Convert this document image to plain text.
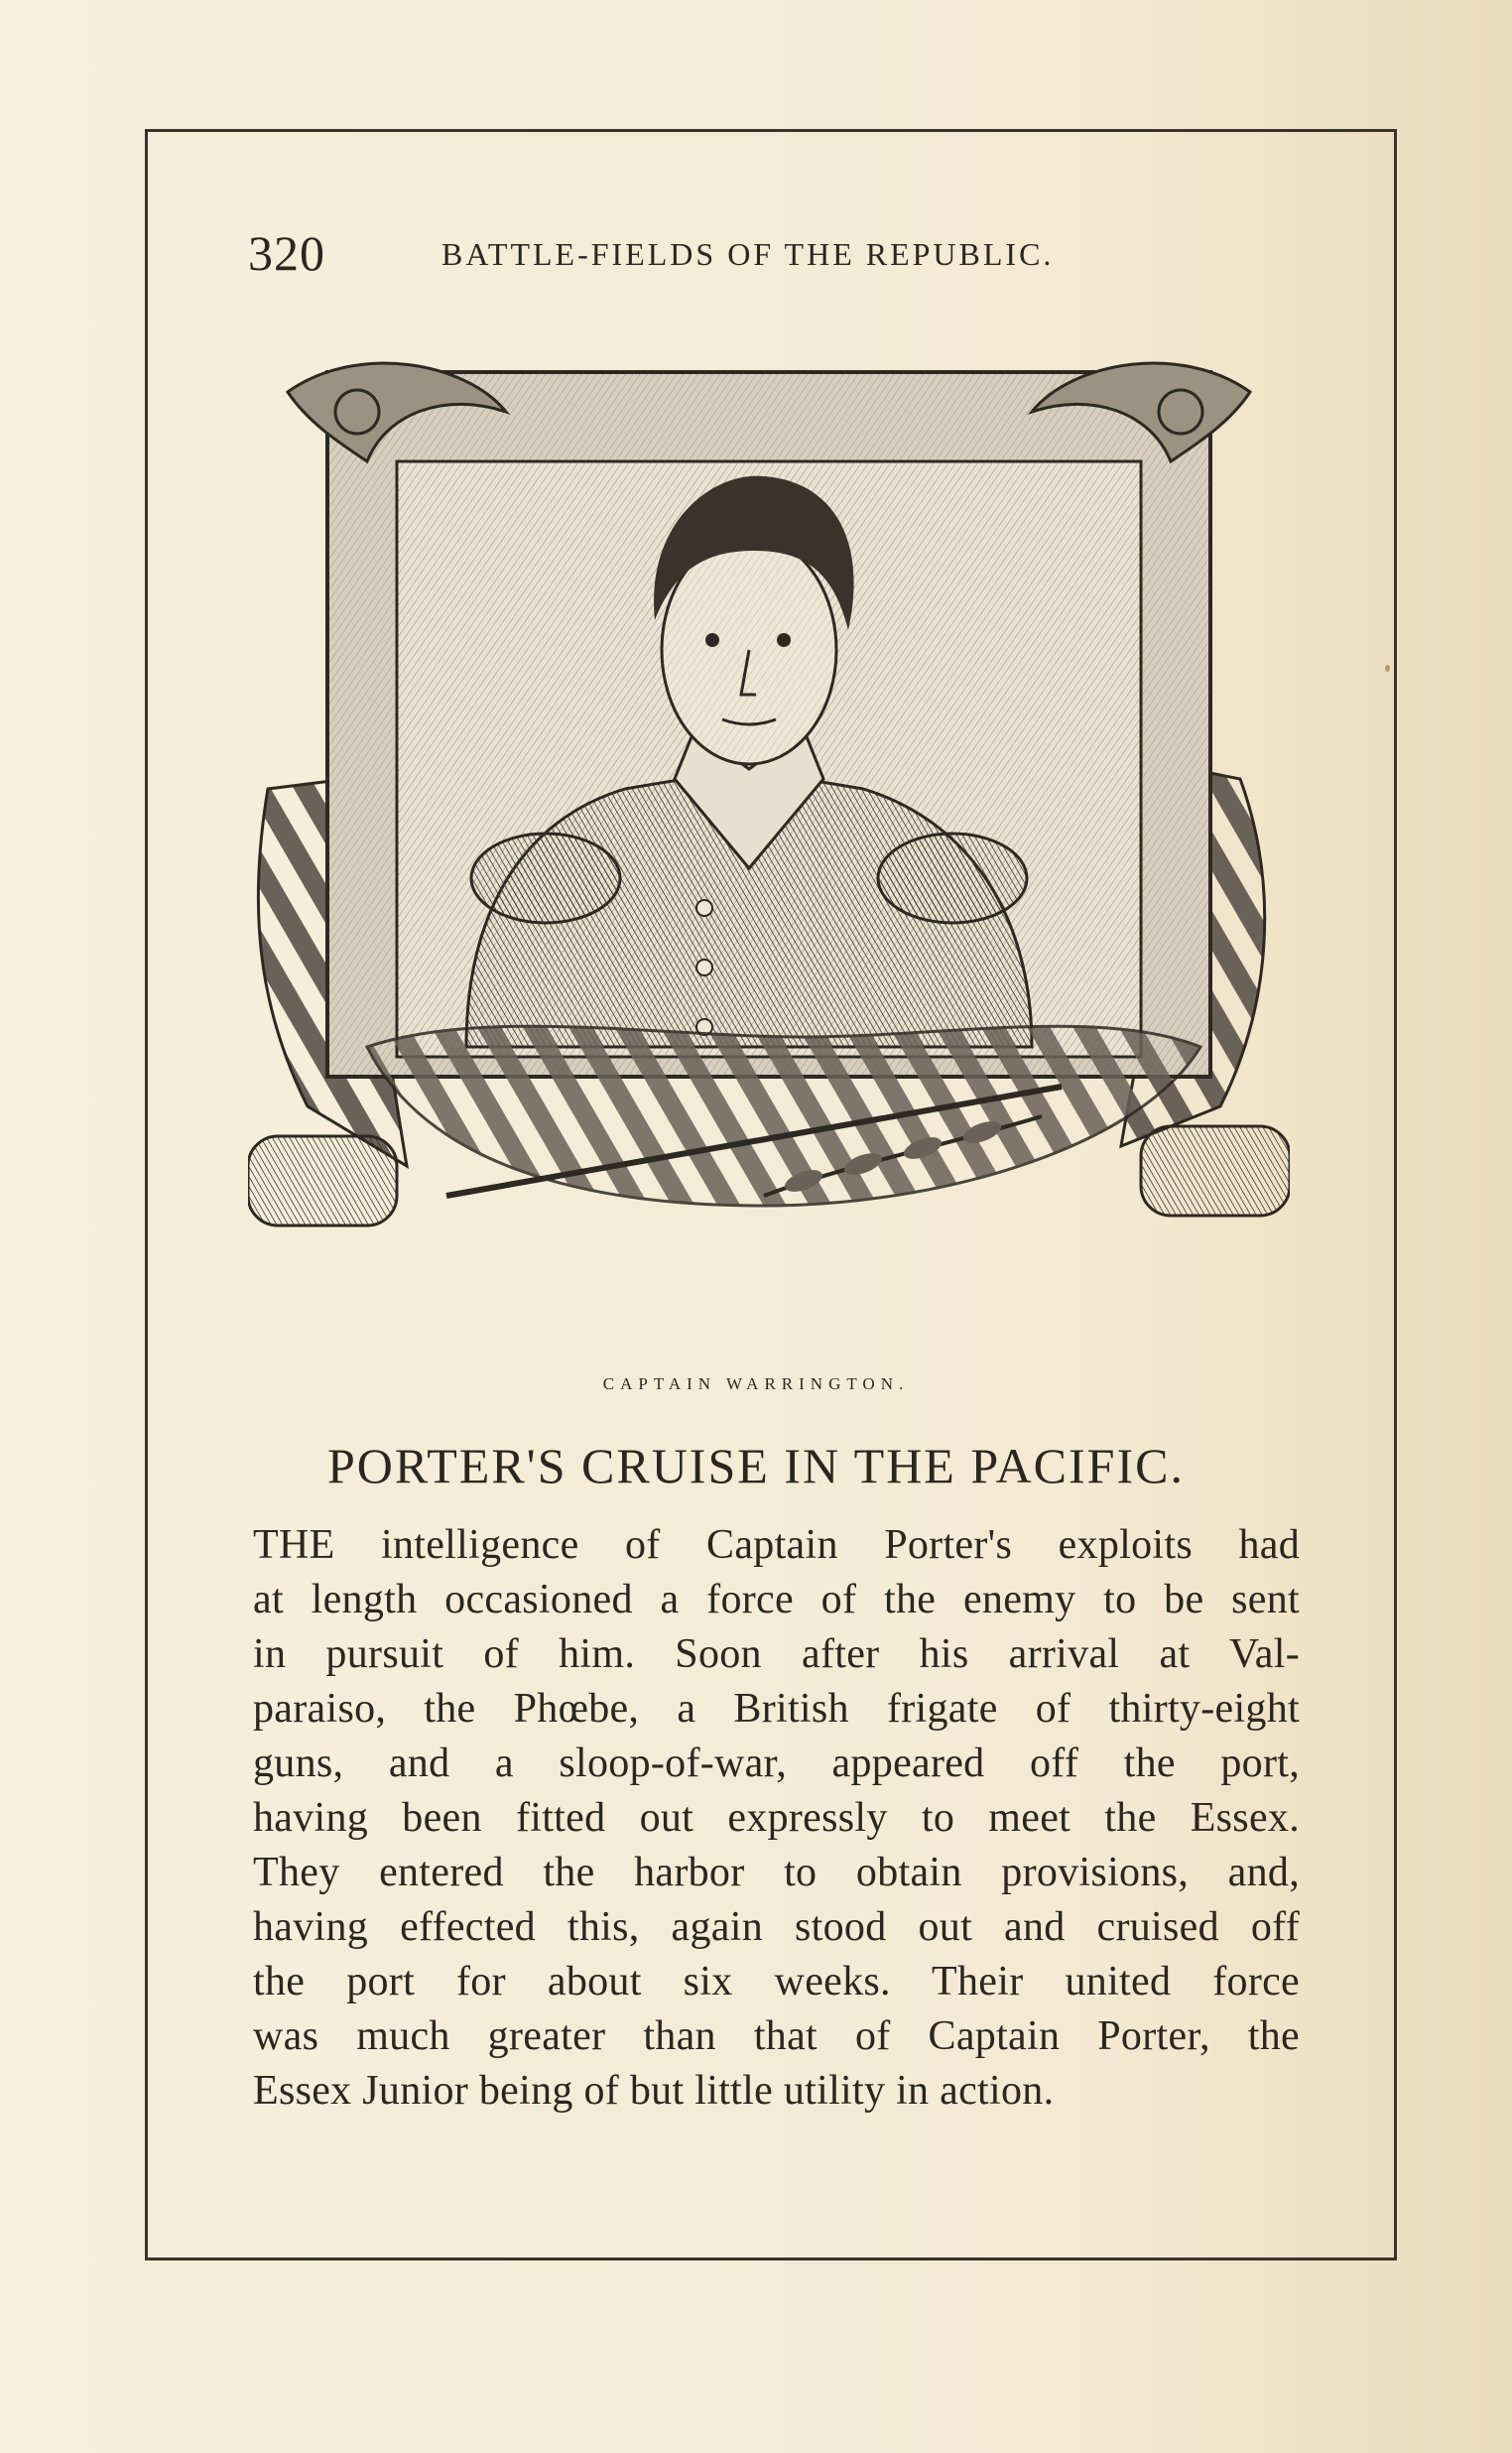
320	BATTLE-FIELDS OF THE REPUBLIC.
CAPTAIN WARRINGTON.
PORTER'S CRUISE IN THE PACIFIC.
THE intelligence of Captain Porter's exploits had
at length occasioned a force of the enemy to be sent
in pursuit of him. Soon after his arrival at Val-
paraiso, the Phœbe, a British frigate of thirty-eight
guns, and a sloop-of-war, appeared off the port,
having been fitted out expressly to meet the Essex.
They entered the harbor to obtain provisions, and,
having effected this, again stood out and cruised off
the port for about six weeks. Their united force
was much greater than that of Captain Porter, the
Essex Junior being of but little utility in action.
